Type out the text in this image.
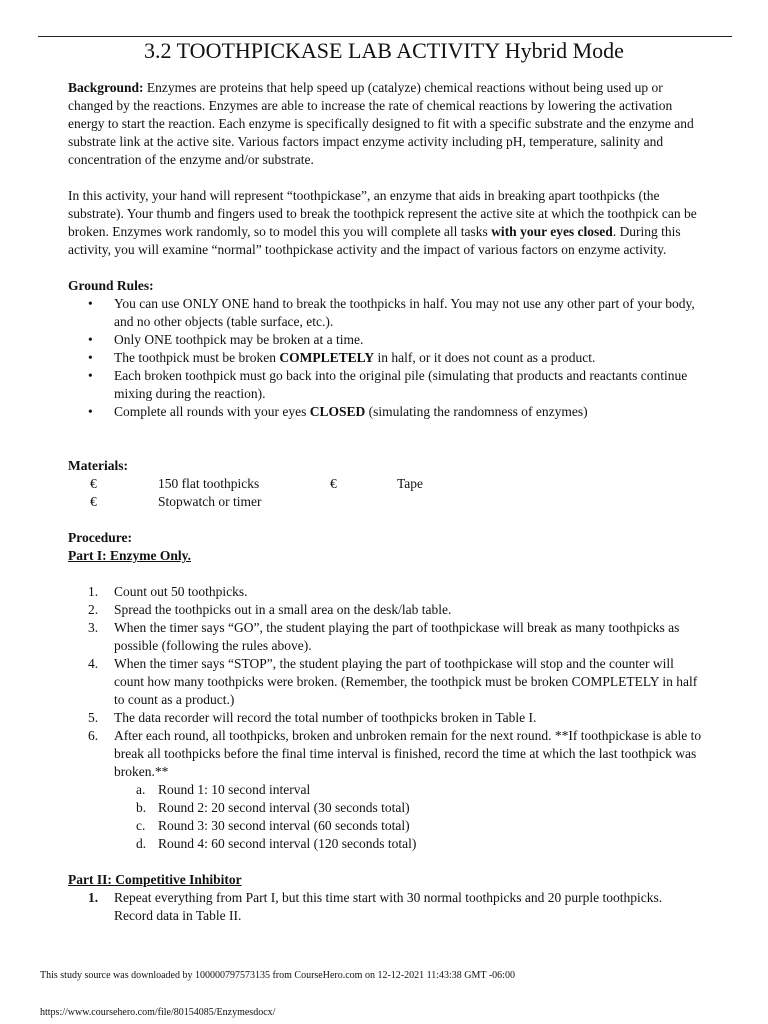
3.2 TOOTHPICKASE LAB ACTIVITY Hybrid Mode

Background: Enzymes are proteins that help speed up (catalyze) chemical reactions without being used up or changed by the reactions. Enzymes are able to increase the rate of chemical reactions by lowering the activation energy to start the reaction. Each enzyme is specifically designed to fit with a specific substrate and the enzyme and substrate link at the active site. Various factors impact enzyme activity including pH, temperature, salinity and concentration of the enzyme and/or substrate.

In this activity, your hand will represent “toothpickase”, an enzyme that aids in breaking apart toothpicks (the substrate). Your thumb and fingers used to break the toothpick represent the active site at which the toothpick can be broken. Enzymes work randomly, so to model this you will complete all tasks with your eyes closed. During this activity, you will examine “normal” toothpickase activity and the impact of various factors on enzyme activity.

Ground Rules:

• You can use ONLY ONE hand to break the toothpicks in half. You may not use any other part of your body, and no other objects (table surface, etc.).
• Only ONE toothpick may be broken at a time.
• The toothpick must be broken COMPLETELY in half, or it does not count as a product.
• Each broken toothpick must go back into the original pile (simulating that products and reactants continue mixing during the reaction).
• Complete all rounds with your eyes CLOSED (simulating the randomness of enzymes)

Materials:

€	150 flat toothpicks	€	Tape
€	Stopwatch or timer

Procedure:

Part I: Enzyme Only.

1. Count out 50 toothpicks.
2. Spread the toothpicks out in a small area on the desk/lab table.
3. When the timer says “GO”, the student playing the part of toothpickase will break as many toothpicks as possible (following the rules above).
4. When the timer says “STOP”, the student playing the part of toothpickase will stop and the counter will count how many toothpicks were broken. (Remember, the toothpick must be broken COMPLETELY in half to count as a product.)
5. The data recorder will record the total number of toothpicks broken in Table I.
6. After each round, all toothpicks, broken and unbroken remain for the next round. **If toothpickase is able to break all toothpicks before the final time interval is finished, record the time at which the last toothpick was broken.**
a. Round 1: 10 second interval
b. Round 2: 20 second interval (30 seconds total)
c. Round 3: 30 second interval (60 seconds total)
d. Round 4: 60 second interval (120 seconds total)

Part II: Competitive Inhibitor

1. Repeat everything from Part I, but this time start with 30 normal toothpicks and 20 purple toothpicks. Record data in Table II.
This study source was downloaded by 100000797573135 from CourseHero.com on 12-12-2021 11:43:38 GMT -06:00
https://www.coursehero.com/file/80154085/Enzymesdocx/
